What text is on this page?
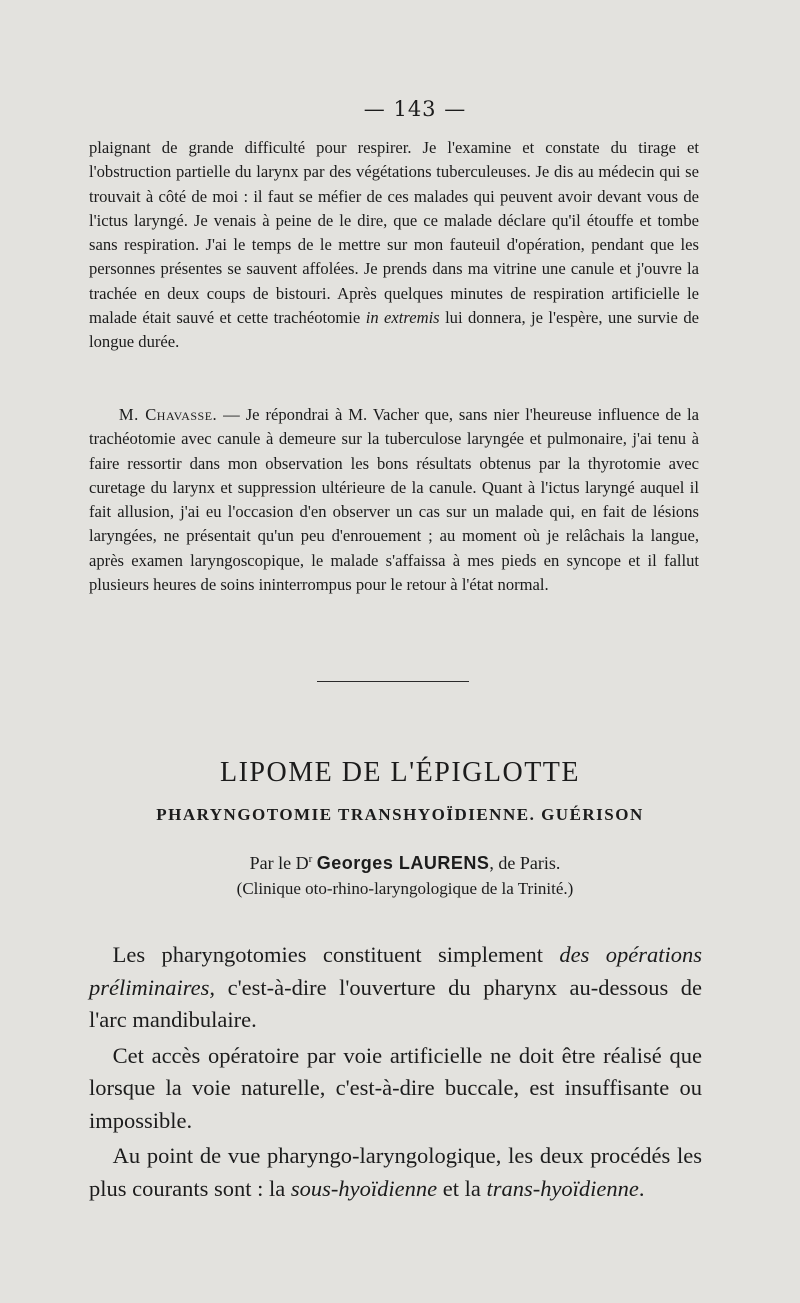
— 143 —

plaignant de grande difficulté pour respirer. Je l'examine et constate du tirage et l'obstruction partielle du larynx par des végétations tuberculeuses. Je dis au médecin qui se trouvait à côté de moi : il faut se méfier de ces malades qui peuvent avoir devant vous de l'ictus laryngé. Je venais à peine de le dire, que ce malade déclare qu'il étouffe et tombe sans respiration. J'ai le temps de le mettre sur mon fauteuil d'opération, pendant que les personnes présentes se sauvent affolées. Je prends dans ma vitrine une canule et j'ouvre la trachée en deux coups de bistouri. Après quelques minutes de respiration artificielle le malade était sauvé et cette trachéotomie in extremis lui donnera, je l'espère, une survie de longue durée.

M. Chavasse. — Je répondrai à M. Vacher que, sans nier l'heureuse influence de la trachéotomie avec canule à demeure sur la tuberculose laryngée et pulmonaire, j'ai tenu à faire ressortir dans mon observation les bons résultats obtenus par la thyrotomie avec curetage du larynx et suppression ultérieure de la canule. Quant à l'ictus laryngé auquel il fait allusion, j'ai eu l'occasion d'en observer un cas sur un malade qui, en fait de lésions laryngées, ne présentait qu'un peu d'enrouement ; au moment où je relâchais la langue, après examen laryngoscopique, le malade s'affaissa à mes pieds en syncope et il fallut plusieurs heures de soins ininterrompus pour le retour à l'état normal.

LIPOME DE L'ÉPIGLOTTE
PHARYNGOTOMIE TRANSHYOÏDIENNE. GUÉRISON
Par le $D^r$ Georges LAURENS, de Paris.
(Clinique oto-rhino-laryngologique de la Trinité.)

Les pharyngotomies constituent simplement des opérations préliminaires, c'est-à-dire l'ouverture du pharynx au-dessous de l'arc mandibulaire.

Cet accès opératoire par voie artificielle ne doit être réalisé que lorsque la voie naturelle, c'est-à-dire buccale, est insuffisante ou impossible.

Au point de vue pharyngo-laryngologique, les deux procédés les plus courants sont : la sous-hyoïdienne et la trans-hyoïdienne.
